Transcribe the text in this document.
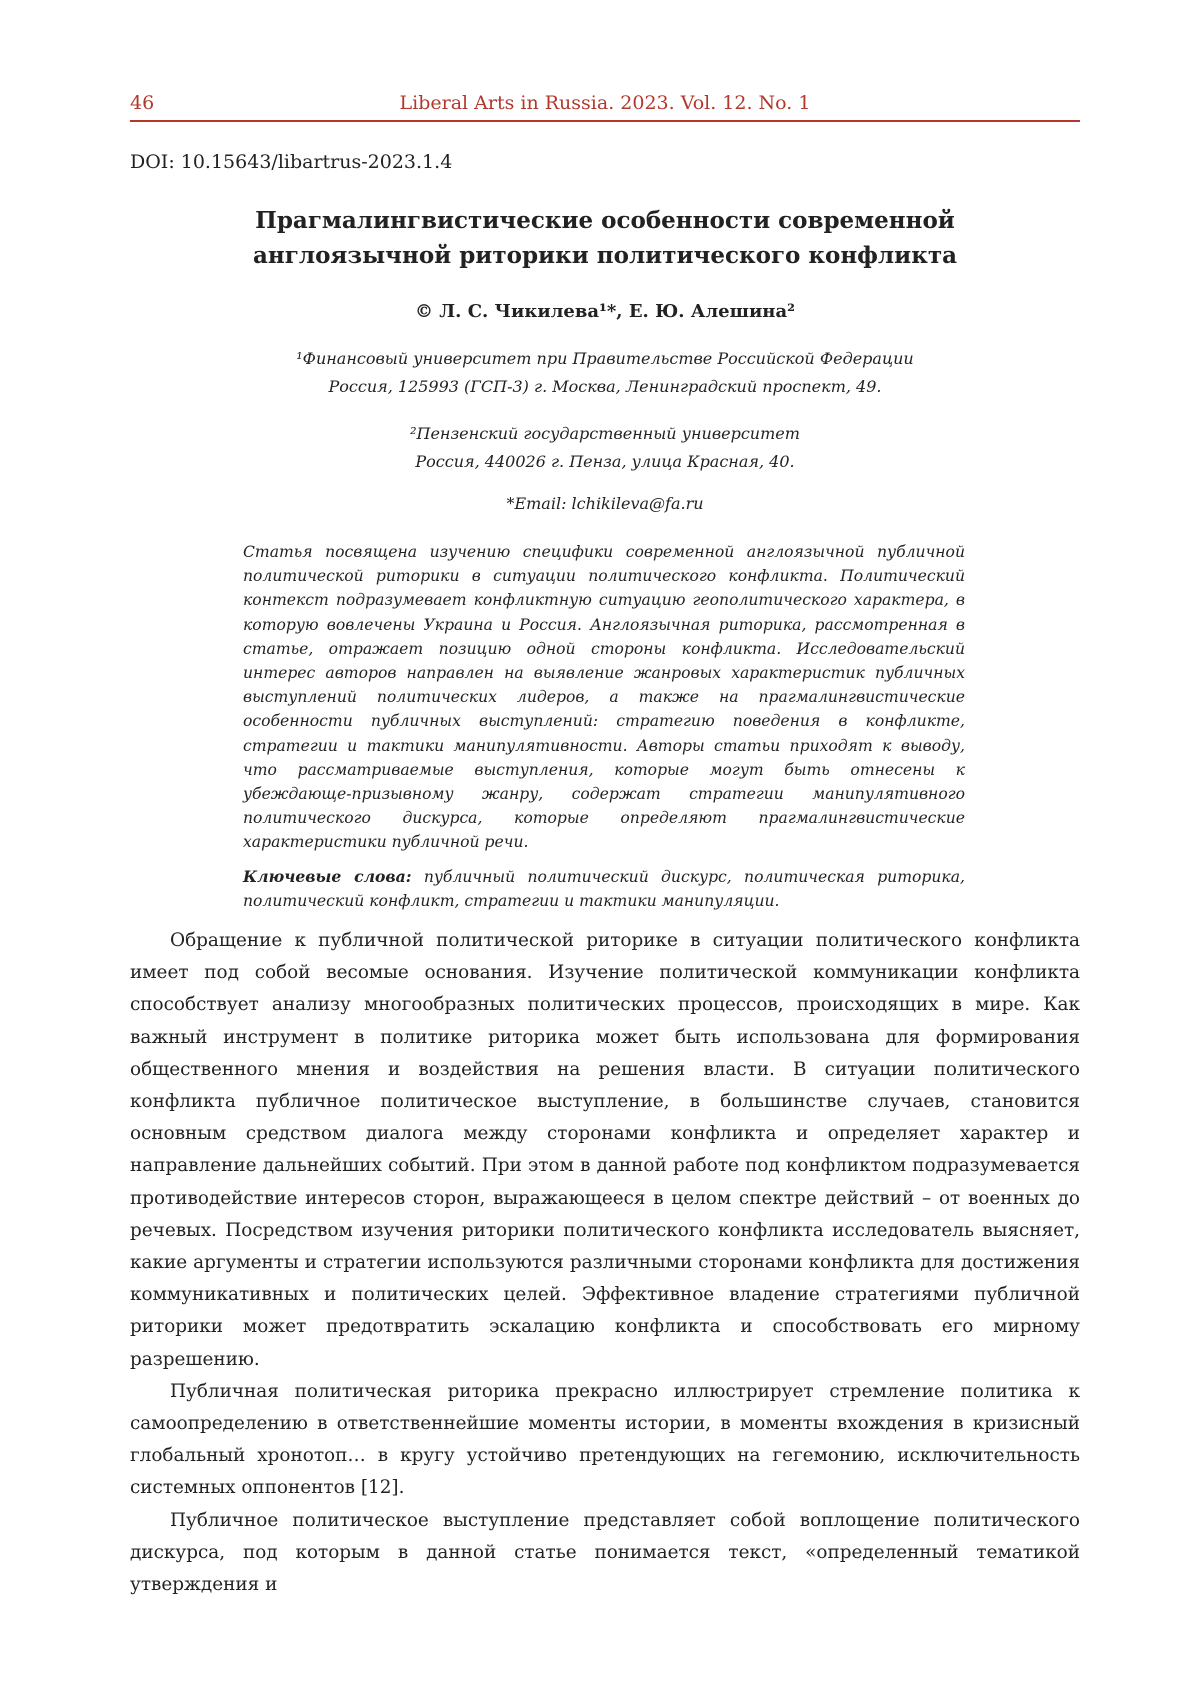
46	Liberal Arts in Russia. 2023. Vol. 12. No. 1
DOI: 10.15643/libartrus-2023.1.4
Прагмалингвистические особенности современной
англоязычной риторики политического конфликта
© Л. С. Чикилева¹*, Е. Ю. Алешина²
¹Финансовый университет при Правительстве Российской Федерации
Россия, 125993 (ГСП-3) г. Москва, Ленинградский проспект, 49.
²Пензенский государственный университет
Россия, 440026 г. Пенза, улица Красная, 40.
*Email: lchikileva@fa.ru

Статья посвящена изучению специфики современной англоязычной публичной политической риторики в ситуации политического конфликта. Политический контекст подразумевает конфликтную ситуацию геополитического характера, в которую вовлечены Украина и Россия. Англоязычная риторика, рассмотренная в статье, отражает позицию одной стороны конфликта. Исследовательский интерес авторов направлен на выявление жанровых характеристик публичных выступлений политических лидеров, а также на прагмалингвистические особенности публичных выступлений: стратегию поведения в конфликте, стратегии и тактики манипулятивности. Авторы статьи приходят к выводу, что рассматриваемые выступления, которые могут быть отнесены к убеждающе-призывному жанру, содержат стратегии манипулятивного политического дискурса, которые определяют прагмалингвистические характеристики публичной речи.

Ключевые слова: публичный политический дискурс, политическая риторика, политический конфликт, стратегии и тактики манипуляции.

Обращение к публичной политической риторике в ситуации политического конфликта имеет под собой весомые основания. Изучение политической коммуникации конфликта способствует анализу многообразных политических процессов, происходящих в мире. Как важный инструмент в политике риторика может быть использована для формирования общественного мнения и воздействия на решения власти. В ситуации политического конфликта публичное политическое выступление, в большинстве случаев, становится основным средством диалога между сторонами конфликта и определяет характер и направление дальнейших событий. При этом в данной работе под конфликтом подразумевается противодействие интересов сторон, выражающееся в целом спектре действий – от военных до речевых. Посредством изучения риторики политического конфликта исследователь выясняет, какие аргументы и стратегии используются различными сторонами конфликта для достижения коммуникативных и политических целей. Эффективное владение стратегиями публичной риторики может предотвратить эскалацию конфликта и способствовать его мирному разрешению.

Публичная политическая риторика прекрасно иллюстрирует стремление политика к самоопределению в ответственнейшие моменты истории, в моменты вхождения в кризисный глобальный хронотоп… в кругу устойчиво претендующих на гегемонию, исключительность системных оппонентов [12].

Публичное политическое выступление представляет собой воплощение политического дискурса, под которым в данной статье понимается текст, «определенный тематикой утверждения и
